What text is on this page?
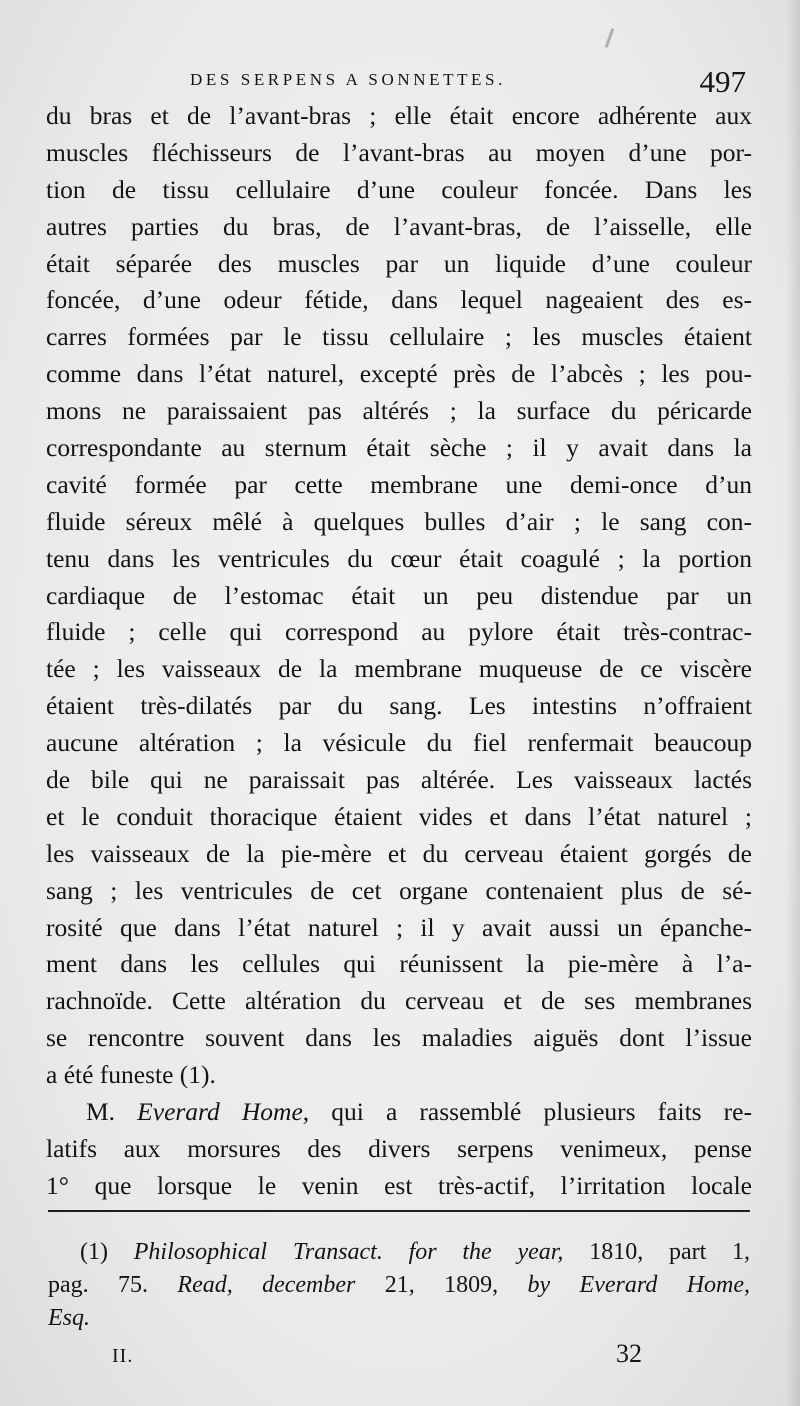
DES SERPENS A SONNETTES.	497
du bras et de l’avant-bras ; elle était encore adhérente aux
muscles fléchisseurs de l’avant-bras au moyen d’une por-
tion de tissu cellulaire d’une couleur foncée. Dans les
autres parties du bras, de l’avant-bras, de l’aisselle, elle
était séparée des muscles par un liquide d’une couleur
foncée, d’une odeur fétide, dans lequel nageaient des es-
carres formées par le tissu cellulaire ; les muscles étaient
comme dans l’état naturel, excepté près de l’abcès ; les pou-
mons ne paraissaient pas altérés ; la surface du péricarde
correspondante au sternum était sèche ; il y avait dans la
cavité formée par cette membrane une demi-once d’un
fluide séreux mêlé à quelques bulles d’air ; le sang con-
tenu dans les ventricules du cœur était coagulé ; la portion
cardiaque de l’estomac était un peu distendue par un
fluide ; celle qui correspond au pylore était très-contrac-
tée ; les vaisseaux de la membrane muqueuse de ce viscère
étaient très-dilatés par du sang. Les intestins n’offraient
aucune altération ; la vésicule du fiel renfermait beaucoup
de bile qui ne paraissait pas altérée. Les vaisseaux lactés
et le conduit thoracique étaient vides et dans l’état naturel ;
les vaisseaux de la pie-mère et du cerveau étaient gorgés de
sang ; les ventricules de cet organe contenaient plus de sé-
rosité que dans l’état naturel ; il y avait aussi un épanche-
ment dans les cellules qui réunissent la pie-mère à l’a-
rachnoïde. Cette altération du cerveau et de ses membranes
se rencontre souvent dans les maladies aiguës dont l’issue
a été funeste (1).
M. Everard Home, qui a rassemblé plusieurs faits re-
latifs aux morsures des divers serpens venimeux, pense
1° que lorsque le venin est très-actif, l’irritation locale
(1) Philosophical Transact. for the year, 1810, part 1,
pag. 75. Read, december 21, 1809, by Everard Home,
Esq.
II.	32
